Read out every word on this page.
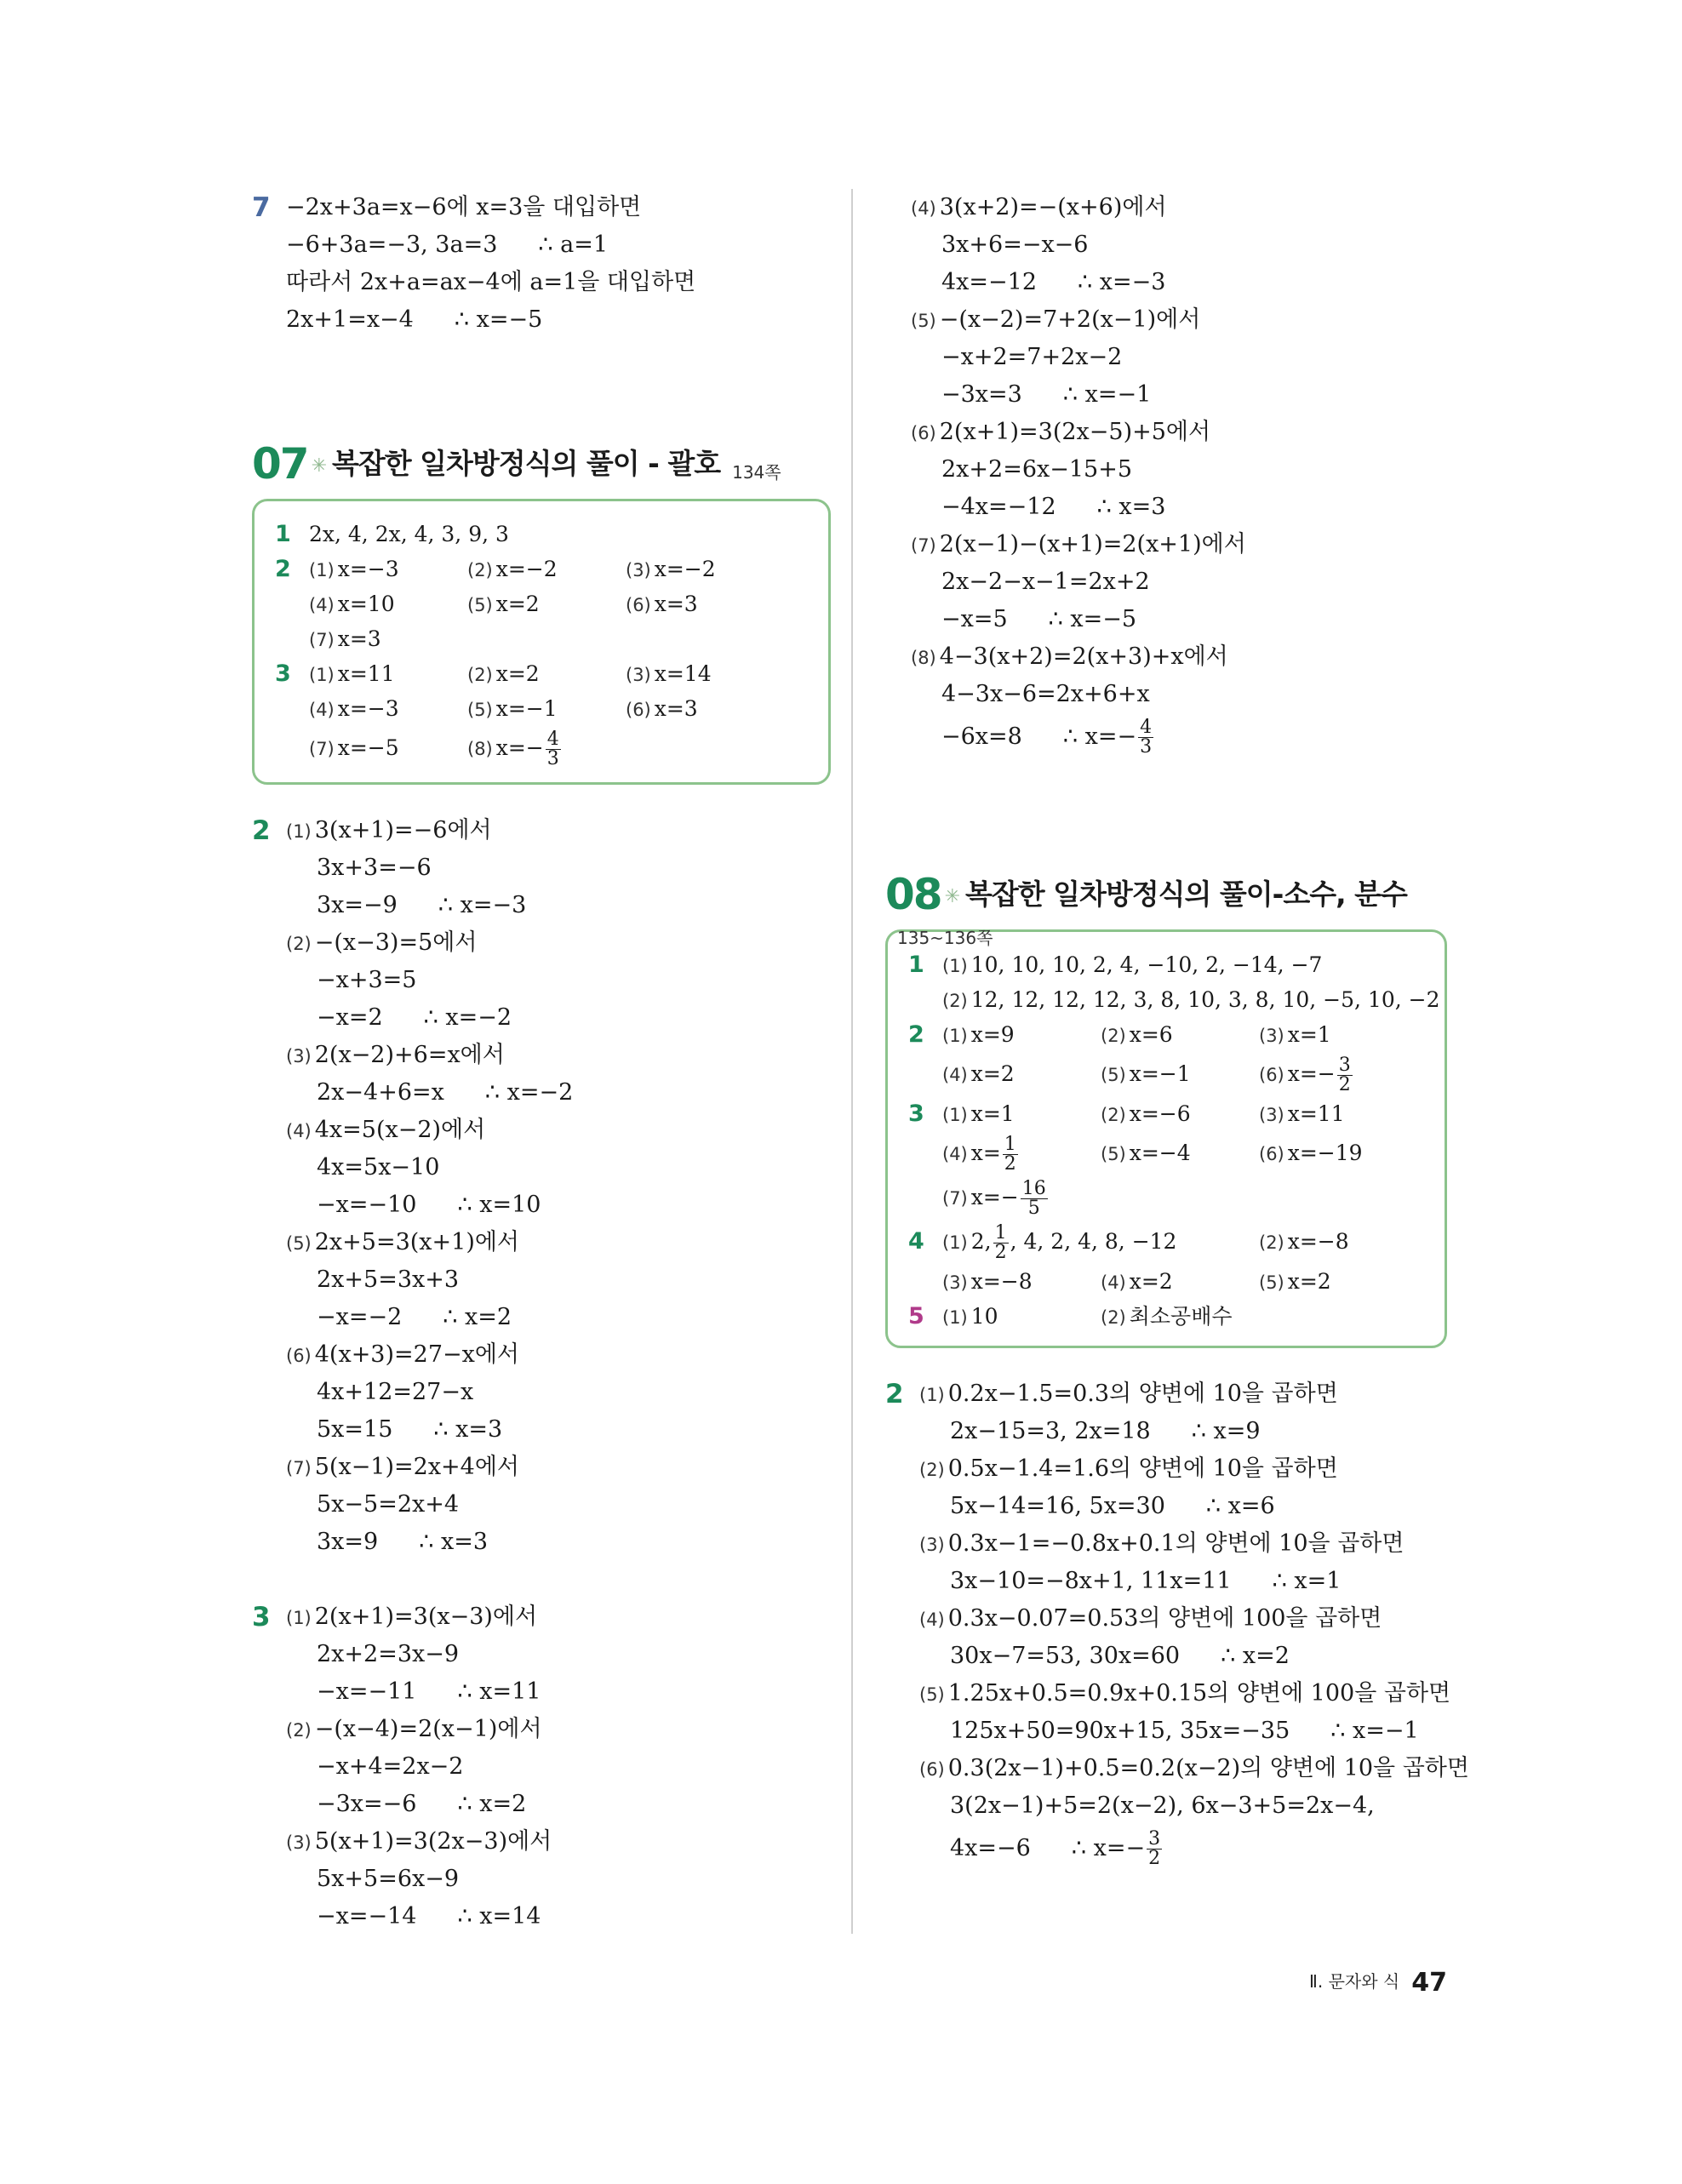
7 −2x+3a=x−6에 x=3을 대입하면
−6+3a=−3, 3a=3 ∴ a=1
따라서 2x+a=ax−4에 a=1을 대입하면
2x+1=x−4 ∴ x=−5
07 ✳ 복잡한 일차방정식의 풀이 - 괄호 134쪽
1 2x, 4, 2x, 4, 3, 9, 3
2 (1) x=−3	(2) x=−2	(3) x=−2
(4) x=10	(5) x=2	(6) x=3
(7) x=3
3 (1) x=11	(2) x=2	(3) x=14
(4) x=−3	(5) x=−1	(6) x=3
(7) x=−5	(8) $x=- \frac{4}{3}$
2 (1) 3(x+1)=−6에서
3x+3=−6
3x=−9 ∴ x=−3
(2) −(x−3)=5에서
−x+3=5
−x=2 ∴ x=−2
(3) 2(x−2)+6=x에서
2x−4+6=x ∴ x=−2
(4) 4x=5(x−2)에서
4x=5x−10
−x=−10 ∴ x=10
(5) 2x+5=3(x+1)에서
2x+5=3x+3
−x=−2 ∴ x=2
(6) 4(x+3)=27−x에서
4x+12=27−x
5x=15 ∴ x=3
(7) 5(x−1)=2x+4에서
5x−5=2x+4
3x=9 ∴ x=3
3 (1) 2(x+1)=3(x−3)에서
2x+2=3x−9
−x=−11 ∴ x=11
(2) −(x−4)=2(x−1)에서
−x+4=2x−2
−3x=−6 ∴ x=2
(3) 5(x+1)=3(2x−3)에서
5x+5=6x−9
−x=−14 ∴ x=14
(4) 3(x+2)=−(x+6)에서
3x+6=−x−6
4x=−12 ∴ x=−3
(5) −(x−2)=7+2(x−1)에서
−x+2=7+2x−2
−3x=3 ∴ x=−1
(6) 2(x+1)=3(2x−5)+5에서
2x+2=6x−15+5
−4x=−12 ∴ x=3
(7) 2(x−1)−(x+1)=2(x+1)에서
2x−2−x−1=2x+2
−x=5 ∴ x=−5
(8) 4−3(x+2)=2(x+3)+x에서
4−3x−6=2x+6+x
−6x=8 ∴ $x=- \frac{4}{3}$
08 ✳ 복잡한 일차방정식의 풀이-소수, 분수135~136쪽
1 (1) 10, 10, 10, 2, 4, −10, 2, −14, −7
(2) 12, 12, 12, 12, 3, 8, 10, 3, 8, 10, −5, 10, −2
2 (1) x=9	(2) x=6	(3) x=1
(4) x=2	(5) x=−1	(6) $x=- \frac{3}{2}$
3 (1) x=1	(2) x=−6	(3) x=11
(4) $x= \frac{1}{2}$	(5) x=−4	(6) x=−19
(7) $x=- \frac{16}{5}$
4 (1) 2, $\frac{1}{2}$ , 4, 2, 4, 8, −12	(2) x=−8
(3) x=−8	(4) x=2	(5) x=2
5 (1) 10	(2) 최소공배수
2 (1) 0.2x−1.5=0.3의 양변에 10을 곱하면
2x−15=3, 2x=18 ∴ x=9
(2) 0.5x−1.4=1.6의 양변에 10을 곱하면
5x−14=16, 5x=30 ∴ x=6
(3) 0.3x−1=−0.8x+0.1의 양변에 10을 곱하면
3x−10=−8x+1, 11x=11 ∴ x=1
(4) 0.3x−0.07=0.53의 양변에 100을 곱하면
30x−7=53, 30x=60 ∴ x=2
(5) 1.25x+0.5=0.9x+0.15의 양변에 100을 곱하면
125x+50=90x+15, 35x=−35 ∴ x=−1
(6) 0.3(2x−1)+0.5=0.2(x−2)의 양변에 10을 곱하면
3(2x−1)+5=2(x−2), 6x−3+5=2x−4,
4x=−6 ∴ $x=- \frac{3}{2}$
Ⅱ. 문자와 식 47
